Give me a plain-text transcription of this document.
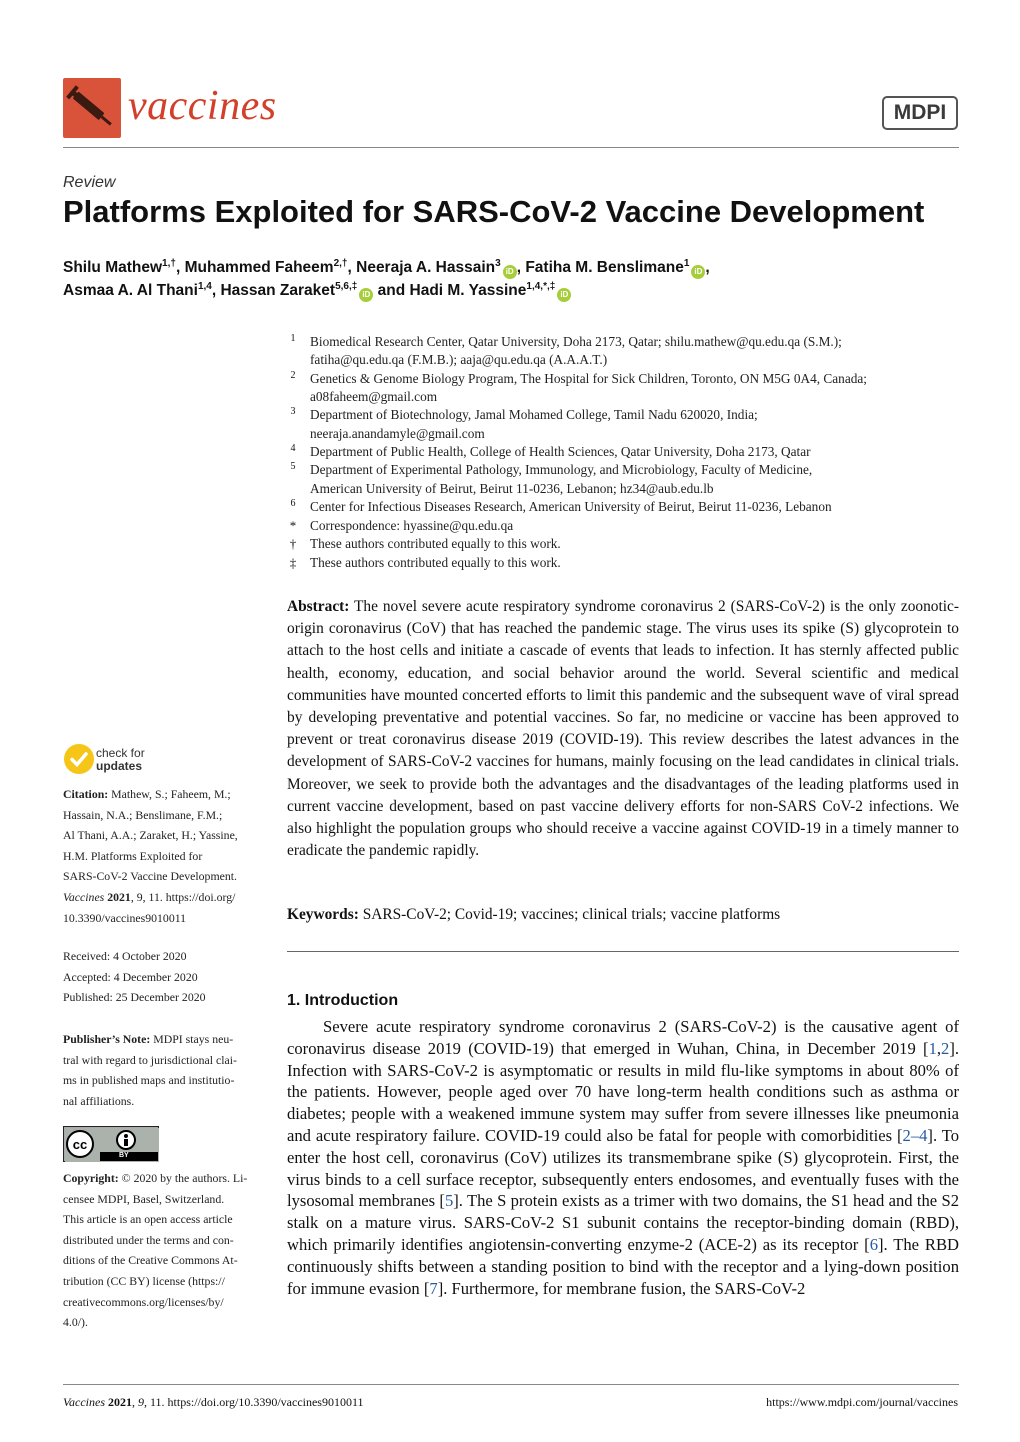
vaccines	MDPI
Review
Platforms Exploited for SARS-CoV-2 Vaccine Development
Shilu Mathew$^{1,\dagger}$, Muhammed Faheem$^{2,\dagger}$, Neeraja A. Hassain$^3$iD , Fatiha M. Benslimane$^1$iD ,
Asmaa A. Al Thani$^{1,4}$, Hassan Zaraket$^{5,6,\ddagger}$iD and Hadi M. Yassine$^{1,4,*,\ddagger}$iD
1	Biomedical Research Center, Qatar University, Doha 2173, Qatar; shilu.mathew@qu.edu.qa (S.M.);
fatiha@qu.edu.qa (F.M.B.); aaja@qu.edu.qa (A.A.A.T.)
2	Genetics & Genome Biology Program, The Hospital for Sick Children, Toronto, ON M5G 0A4, Canada;
a08faheem@gmail.com
3	Department of Biotechnology, Jamal Mohamed College, Tamil Nadu 620020, India;
neeraja.anandamyle@gmail.com
4	Department of Public Health, College of Health Sciences, Qatar University, Doha 2173, Qatar
5	Department of Experimental Pathology, Immunology, and Microbiology, Faculty of Medicine,
American University of Beirut, Beirut 11-0236, Lebanon; hz34@aub.edu.lb
6	Center for Infectious Diseases Research, American University of Beirut, Beirut 11-0236, Lebanon
* Correspondence: hyassine@qu.edu.qa
† These authors contributed equally to this work.
‡ These authors contributed equally to this work.
Abstract: The novel severe acute respiratory syndrome coronavirus 2 (SARS-CoV-2) is the only zoonotic-origin coronavirus (CoV) that has reached the pandemic stage. The virus uses its spike (S) glycoprotein to attach to the host cells and initiate a cascade of events that leads to infection. It has sternly affected public health, economy, education, and social behavior around the world. Several scientific and medical communities have mounted concerted efforts to limit this pandemic and the subsequent wave of viral spread by developing preventative and potential vaccines. So far, no medicine or vaccine has been approved to prevent or treat coronavirus disease 2019 (COVID-19). This review describes the latest advances in the development of SARS-CoV-2 vaccines for humans, mainly focusing on the lead candidates in clinical trials. Moreover, we seek to provide both the advantages and the disadvantages of the leading platforms used in current vaccine development, based on past vaccine delivery efforts for non-SARS CoV-2 infections. We also highlight the population groups who should receive a vaccine against COVID-19 in a timely manner to eradicate the pandemic rapidly.
Keywords: SARS-CoV-2; Covid-19; vaccines; clinical trials; vaccine platforms
check for
updates
Citation: Mathew, S.; Faheem, M.;
Hassain, N.A.; Benslimane, F.M.;
Al Thani, A.A.; Zaraket, H.; Yassine,
H.M. Platforms Exploited for
SARS-CoV-2 Vaccine Development.
Vaccines 2021, 9, 11. https://doi.org/
10.3390/vaccines9010011
Received: 4 October 2020
Accepted: 4 December 2020
Published: 25 December 2020
Publisher’s Note: MDPI stays neu-
tral with regard to jurisdictional clai-
ms in published maps and institutio-
nal affiliations.
cc
BY
Copyright: © 2020 by the authors. Li-
censee MDPI, Basel, Switzerland.
This article is an open access article
distributed under the terms and con-
ditions of the Creative Commons At-
tribution (CC BY) license (https://
creativecommons.org/licenses/by/
4.0/).
1. Introduction
Severe acute respiratory syndrome coronavirus 2 (SARS-CoV-2) is the causative agent of coronavirus disease 2019 (COVID-19) that emerged in Wuhan, China, in December 2019 [1,2]. Infection with SARS-CoV-2 is asymptomatic or results in mild flu-like symptoms in about 80% of the patients. However, people aged over 70 have long-term health conditions such as asthma or diabetes; people with a weakened immune system may suffer from severe illnesses like pneumonia and acute respiratory failure. COVID-19 could also be fatal for people with comorbidities [2–4]. To enter the host cell, coronavirus (CoV) utilizes its transmembrane spike (S) glycoprotein. First, the virus binds to a cell surface receptor, subsequently enters endosomes, and eventually fuses with the lysosomal membranes [5]. The S protein exists as a trimer with two domains, the S1 head and the S2 stalk on a mature virus. SARS-CoV-2 S1 subunit contains the receptor-binding domain (RBD), which primarily identifies angiotensin-converting enzyme-2 (ACE-2) as its receptor [6]. The RBD continuously shifts between a standing position to bind with the receptor and a lying-down position for immune evasion [7]. Furthermore, for membrane fusion, the SARS-CoV-2
Vaccines 2021, 9, 11. https://doi.org/10.3390/vaccines9010011	https://www.mdpi.com/journal/vaccines
